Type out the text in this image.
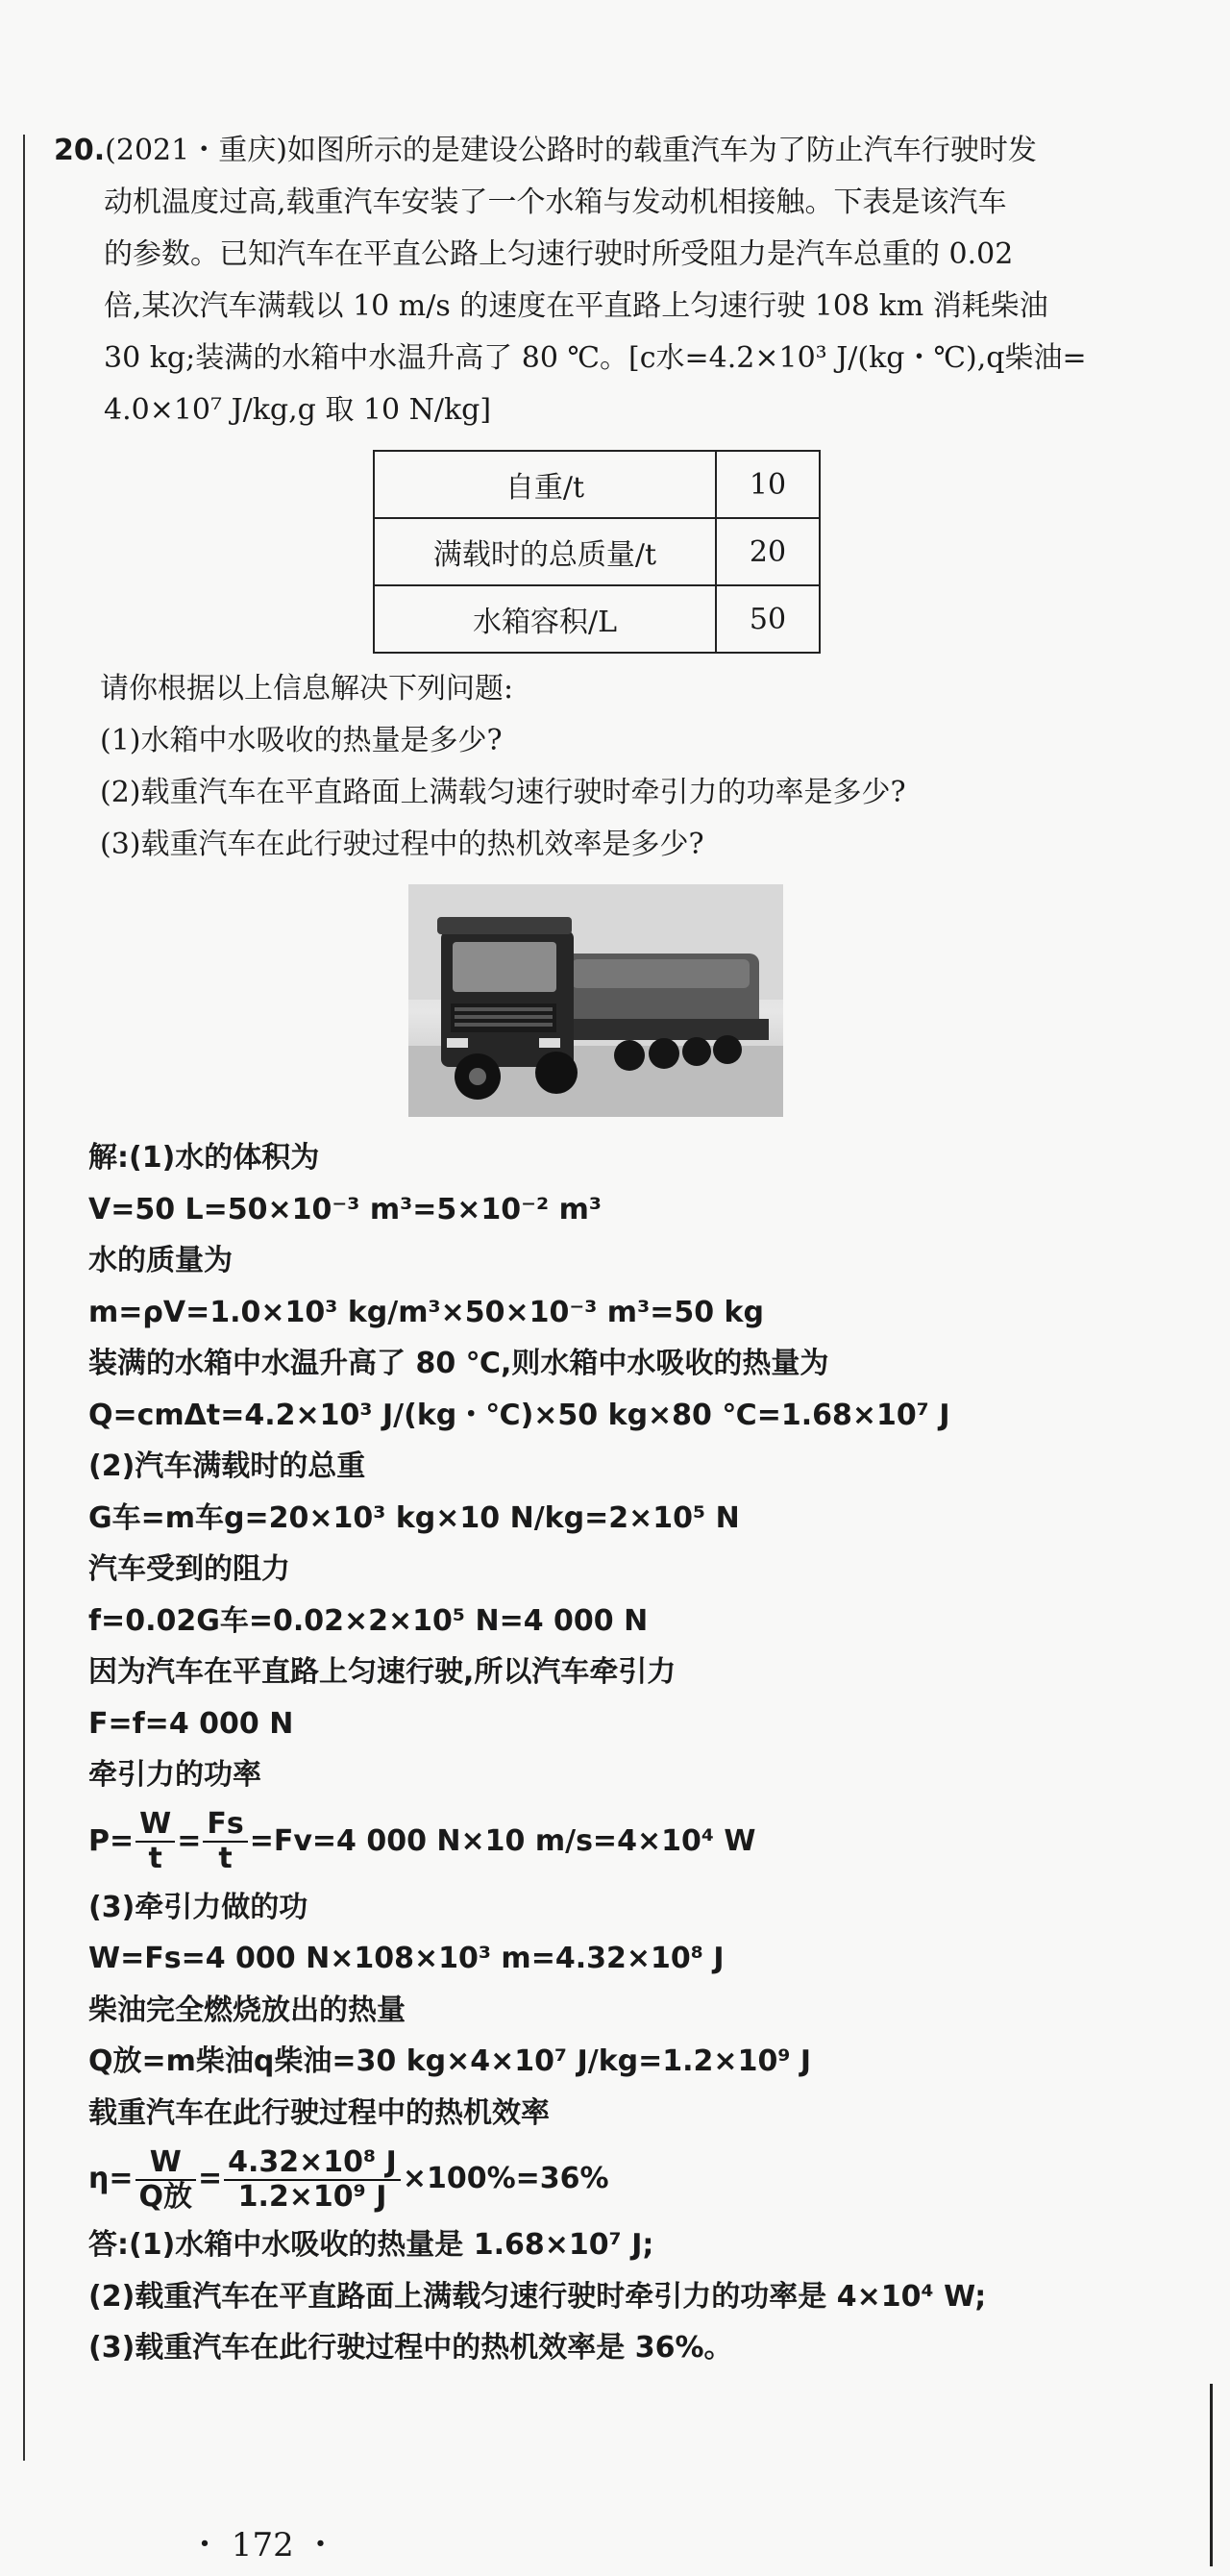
20.(2021・重庆)如图所示的是建设公路时的载重汽车为了防止汽车行驶时发
动机温度过高,载重汽车安装了一个水箱与发动机相接触。下表是该汽车
的参数。已知汽车在平直公路上匀速行驶时所受阻力是汽车总重的 0.02
倍,某次汽车满载以 10 m/s 的速度在平直路上匀速行驶 108 km 消耗柴油
30 kg;装满的水箱中水温升高了 80 ℃。[c水=4.2×10³ J/(kg・℃),q柴油=
4.0×10⁷ J/kg,g 取 10 N/kg]
自重/t	10
满载时的总质量/t	20
水箱容积/L	50
请你根据以上信息解决下列问题:
(1)水箱中水吸收的热量是多少?
(2)载重汽车在平直路面上满载匀速行驶时牵引力的功率是多少?
(3)载重汽车在此行驶过程中的热机效率是多少?
解:(1)水的体积为
V=50 L=50×10⁻³ m³=5×10⁻² m³
水的质量为
m=ρV=1.0×10³ kg/m³×50×10⁻³ m³=50 kg
装满的水箱中水温升高了 80 ℃,则水箱中水吸收的热量为
Q=cmΔt=4.2×10³ J/(kg・℃)×50 kg×80 ℃=1.68×10⁷ J
(2)汽车满载时的总重
G车=m车g=20×10³ kg×10 N/kg=2×10⁵ N
汽车受到的阻力
f=0.02G车=0.02×2×10⁵ N=4 000 N
因为汽车在平直路上匀速行驶,所以汽车牵引力
F=f=4 000 N
牵引力的功率
$P= \frac{W}{t} = \frac{Fs}{t} =Fv=4$ 000 N×10 m/s=4×10⁴ W
(3)牵引力做的功
W=Fs=4 000 N×108×10³ m=4.32×10⁸ J
柴油完全燃烧放出的热量
Q放=m柴油q柴油=30 kg×4×10⁷ J/kg=1.2×10⁹ J
载重汽车在此行驶过程中的热机效率
$\eta= \frac{W}{\text{Q放}} = \frac{\text{4.32×10⁸ J}}{\text{1.2×10⁹ J}} \times 100\%=36\%$
答:(1)水箱中水吸收的热量是 1.68×10⁷ J;
(2)载重汽车在平直路面上满载匀速行驶时牵引力的功率是 4×10⁴ W;
(3)载重汽车在此行驶过程中的热机效率是 36%。
・ 172 ・
